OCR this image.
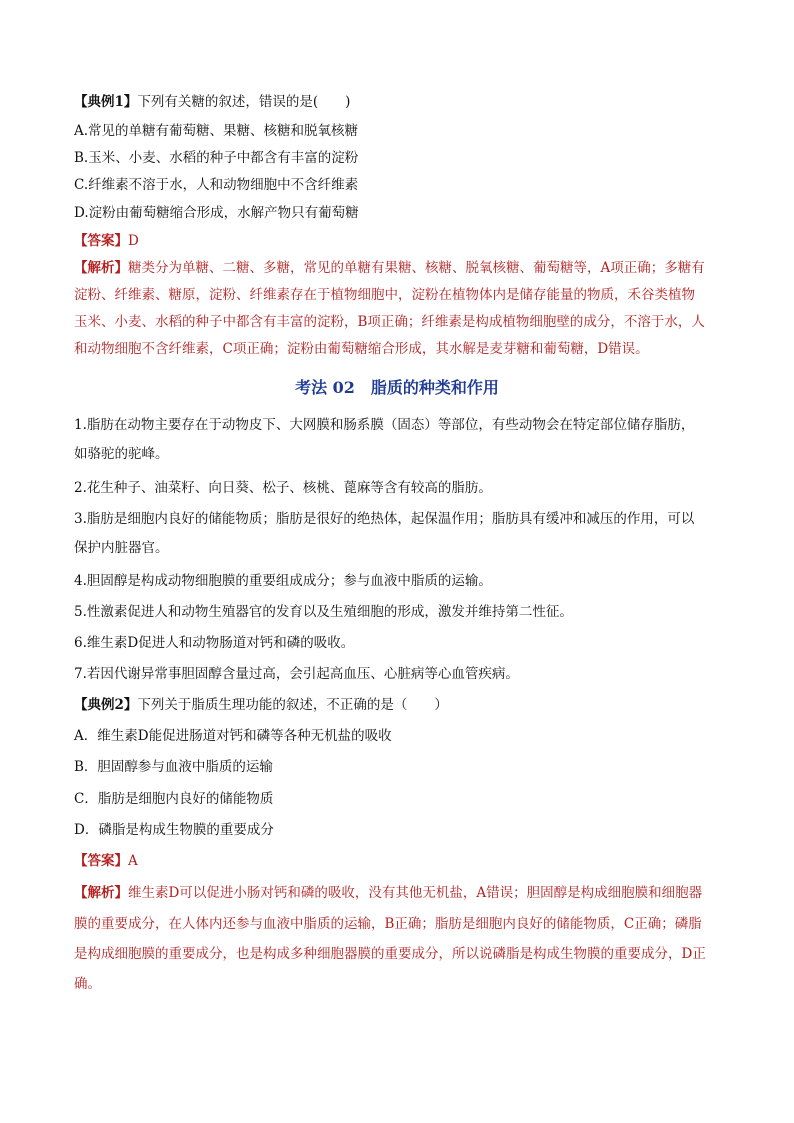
【典例1】下列有关糖的叙述，错误的是(　　)
A.常见的单糖有葡萄糖、果糖、核糖和脱氧核糖
B.玉米、小麦、水稻的种子中都含有丰富的淀粉
C.纤维素不溶于水，人和动物细胞中不含纤维素
D.淀粉由葡萄糖缩合形成，水解产物只有葡萄糖
【答案】D
【解析】糖类分为单糖、二糖、多糖，常见的单糖有果糖、核糖、脱氧核糖、葡萄糖等，A项正确；多糖有
淀粉、纤维素、糖原，淀粉、纤维素存在于植物细胞中，淀粉在植物体内是储存能量的物质，禾谷类植物
玉米、小麦、水稻的种子中都含有丰富的淀粉，B项正确；纤维素是构成植物细胞壁的成分，不溶于水，人
和动物细胞不含纤维素，C项正确；淀粉由葡萄糖缩合形成，其水解是麦芽糖和葡萄糖，D错误。
考法 02　脂质的种类和作用
1.脂肪在动物主要存在于动物皮下、大网膜和肠系膜（固态）等部位，有些动物会在特定部位储存脂肪，
如骆驼的驼峰。
2.花生种子、油菜籽、向日葵、松子、核桃、蓖麻等含有较高的脂肪。
3.脂肪是细胞内良好的储能物质；脂肪是很好的绝热体，起保温作用；脂肪具有缓冲和减压的作用，可以
保护内脏器官。
4.胆固醇是构成动物细胞膜的重要组成成分；参与血液中脂质的运输。
5.性激素促进人和动物生殖器官的发育以及生殖细胞的形成，激发并维持第二性征。
6.维生素D促进人和动物肠道对钙和磷的吸收。
7.若因代谢异常事胆固醇含量过高，会引起高血压、心脏病等心血管疾病。
【典例2】下列关于脂质生理功能的叙述，不正确的是（　　）
A．维生素D能促进肠道对钙和磷等各种无机盐的吸收
B．胆固醇参与血液中脂质的运输
C．脂肪是细胞内良好的储能物质
D．磷脂是构成生物膜的重要成分
【答案】A
【解析】维生素D可以促进小肠对钙和磷的吸收，没有其他无机盐，A错误；胆固醇是构成细胞膜和细胞器
膜的重要成分，在人体内还参与血液中脂质的运输，B正确；脂肪是细胞内良好的储能物质，C正确；磷脂
是构成细胞膜的重要成分，也是构成多种细胞器膜的重要成分，所以说磷脂是构成生物膜的重要成分，D正
确。
